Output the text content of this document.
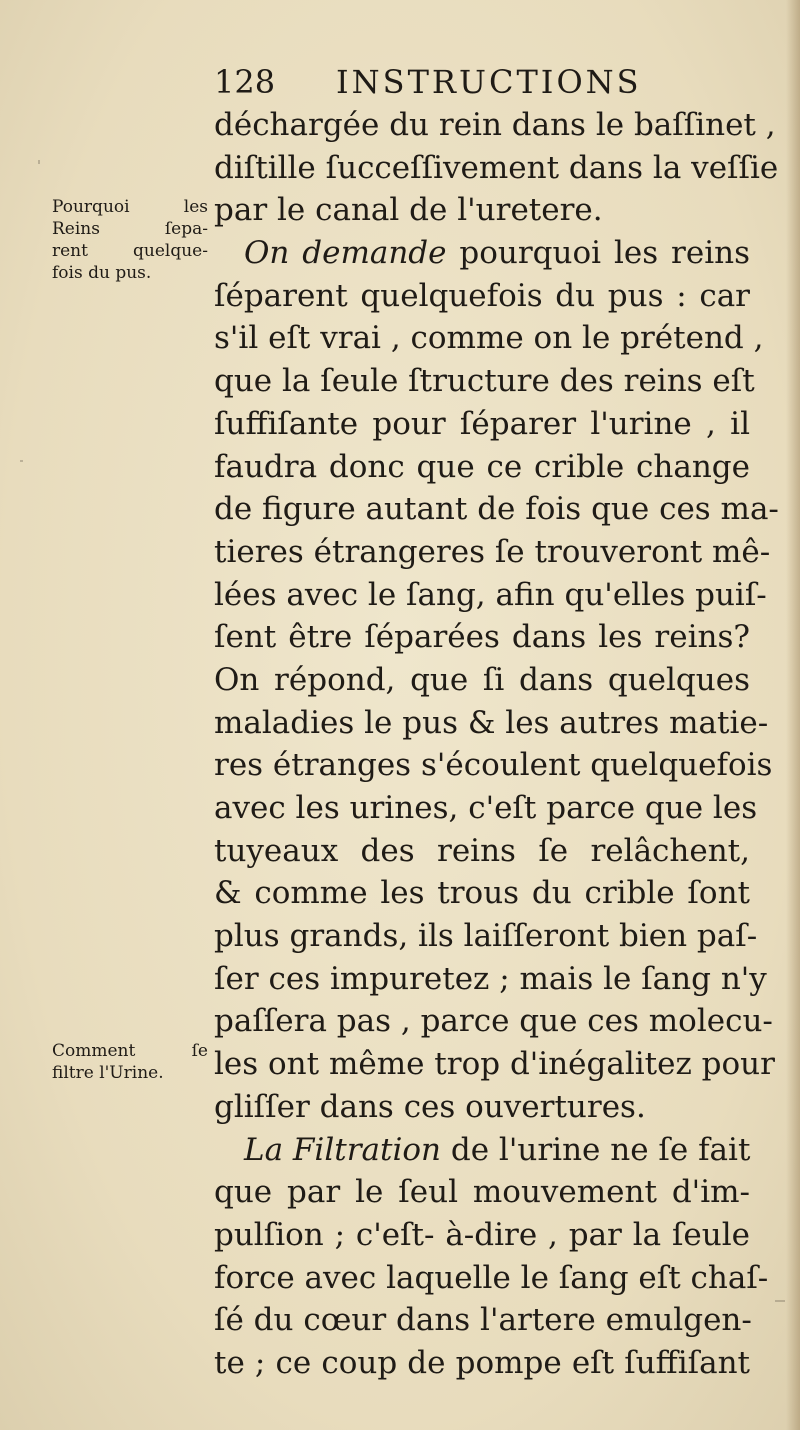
128 INSTRUCTIONS
Pourquoi les
Reins ſepa-
rent quelque-
fois du pus.
Comment ſe
filtre l'Urine.
déchargée du rein dans le baſſinet ,
diſtille ſucceſſivement dans la veſſie
par le canal de l'uretere.
On demande pourquoi les reins
ſéparent quelquefois du pus : car
s'il eſt vrai , comme on le prétend ,
que la ſeule ſtructure des reins eſt
ſuffiſante pour ſéparer l'urine , il
faudra donc que ce crible change
de figure autant de fois que ces ma-
tieres étrangeres ſe trouveront mê-
lées avec le ſang, afin qu'elles puiſ-
ſent être ſéparées dans les reins?
On répond, que ſi dans quelques
maladies le pus & les autres matie-
res étranges s'écoulent quelquefois
avec les urines, c'eſt parce que les
tuyeaux des reins ſe relâchent,
& comme les trous du crible ſont
plus grands, ils laiſſeront bien paſ-
ſer ces impuretez ; mais le ſang n'y
paſſera pas , parce que ces molecu-
les ont même trop d'inégalitez pour
gliſſer dans ces ouvertures.
La Filtration de l'urine ne ſe fait
que par le ſeul mouvement d'im-
pulſion ; c'eſt- à-dire , par la ſeule
force avec laquelle le ſang eſt chaſ-
ſé du cœur dans l'artere emulgen-
te ; ce coup de pompe eſt ſuffiſant
